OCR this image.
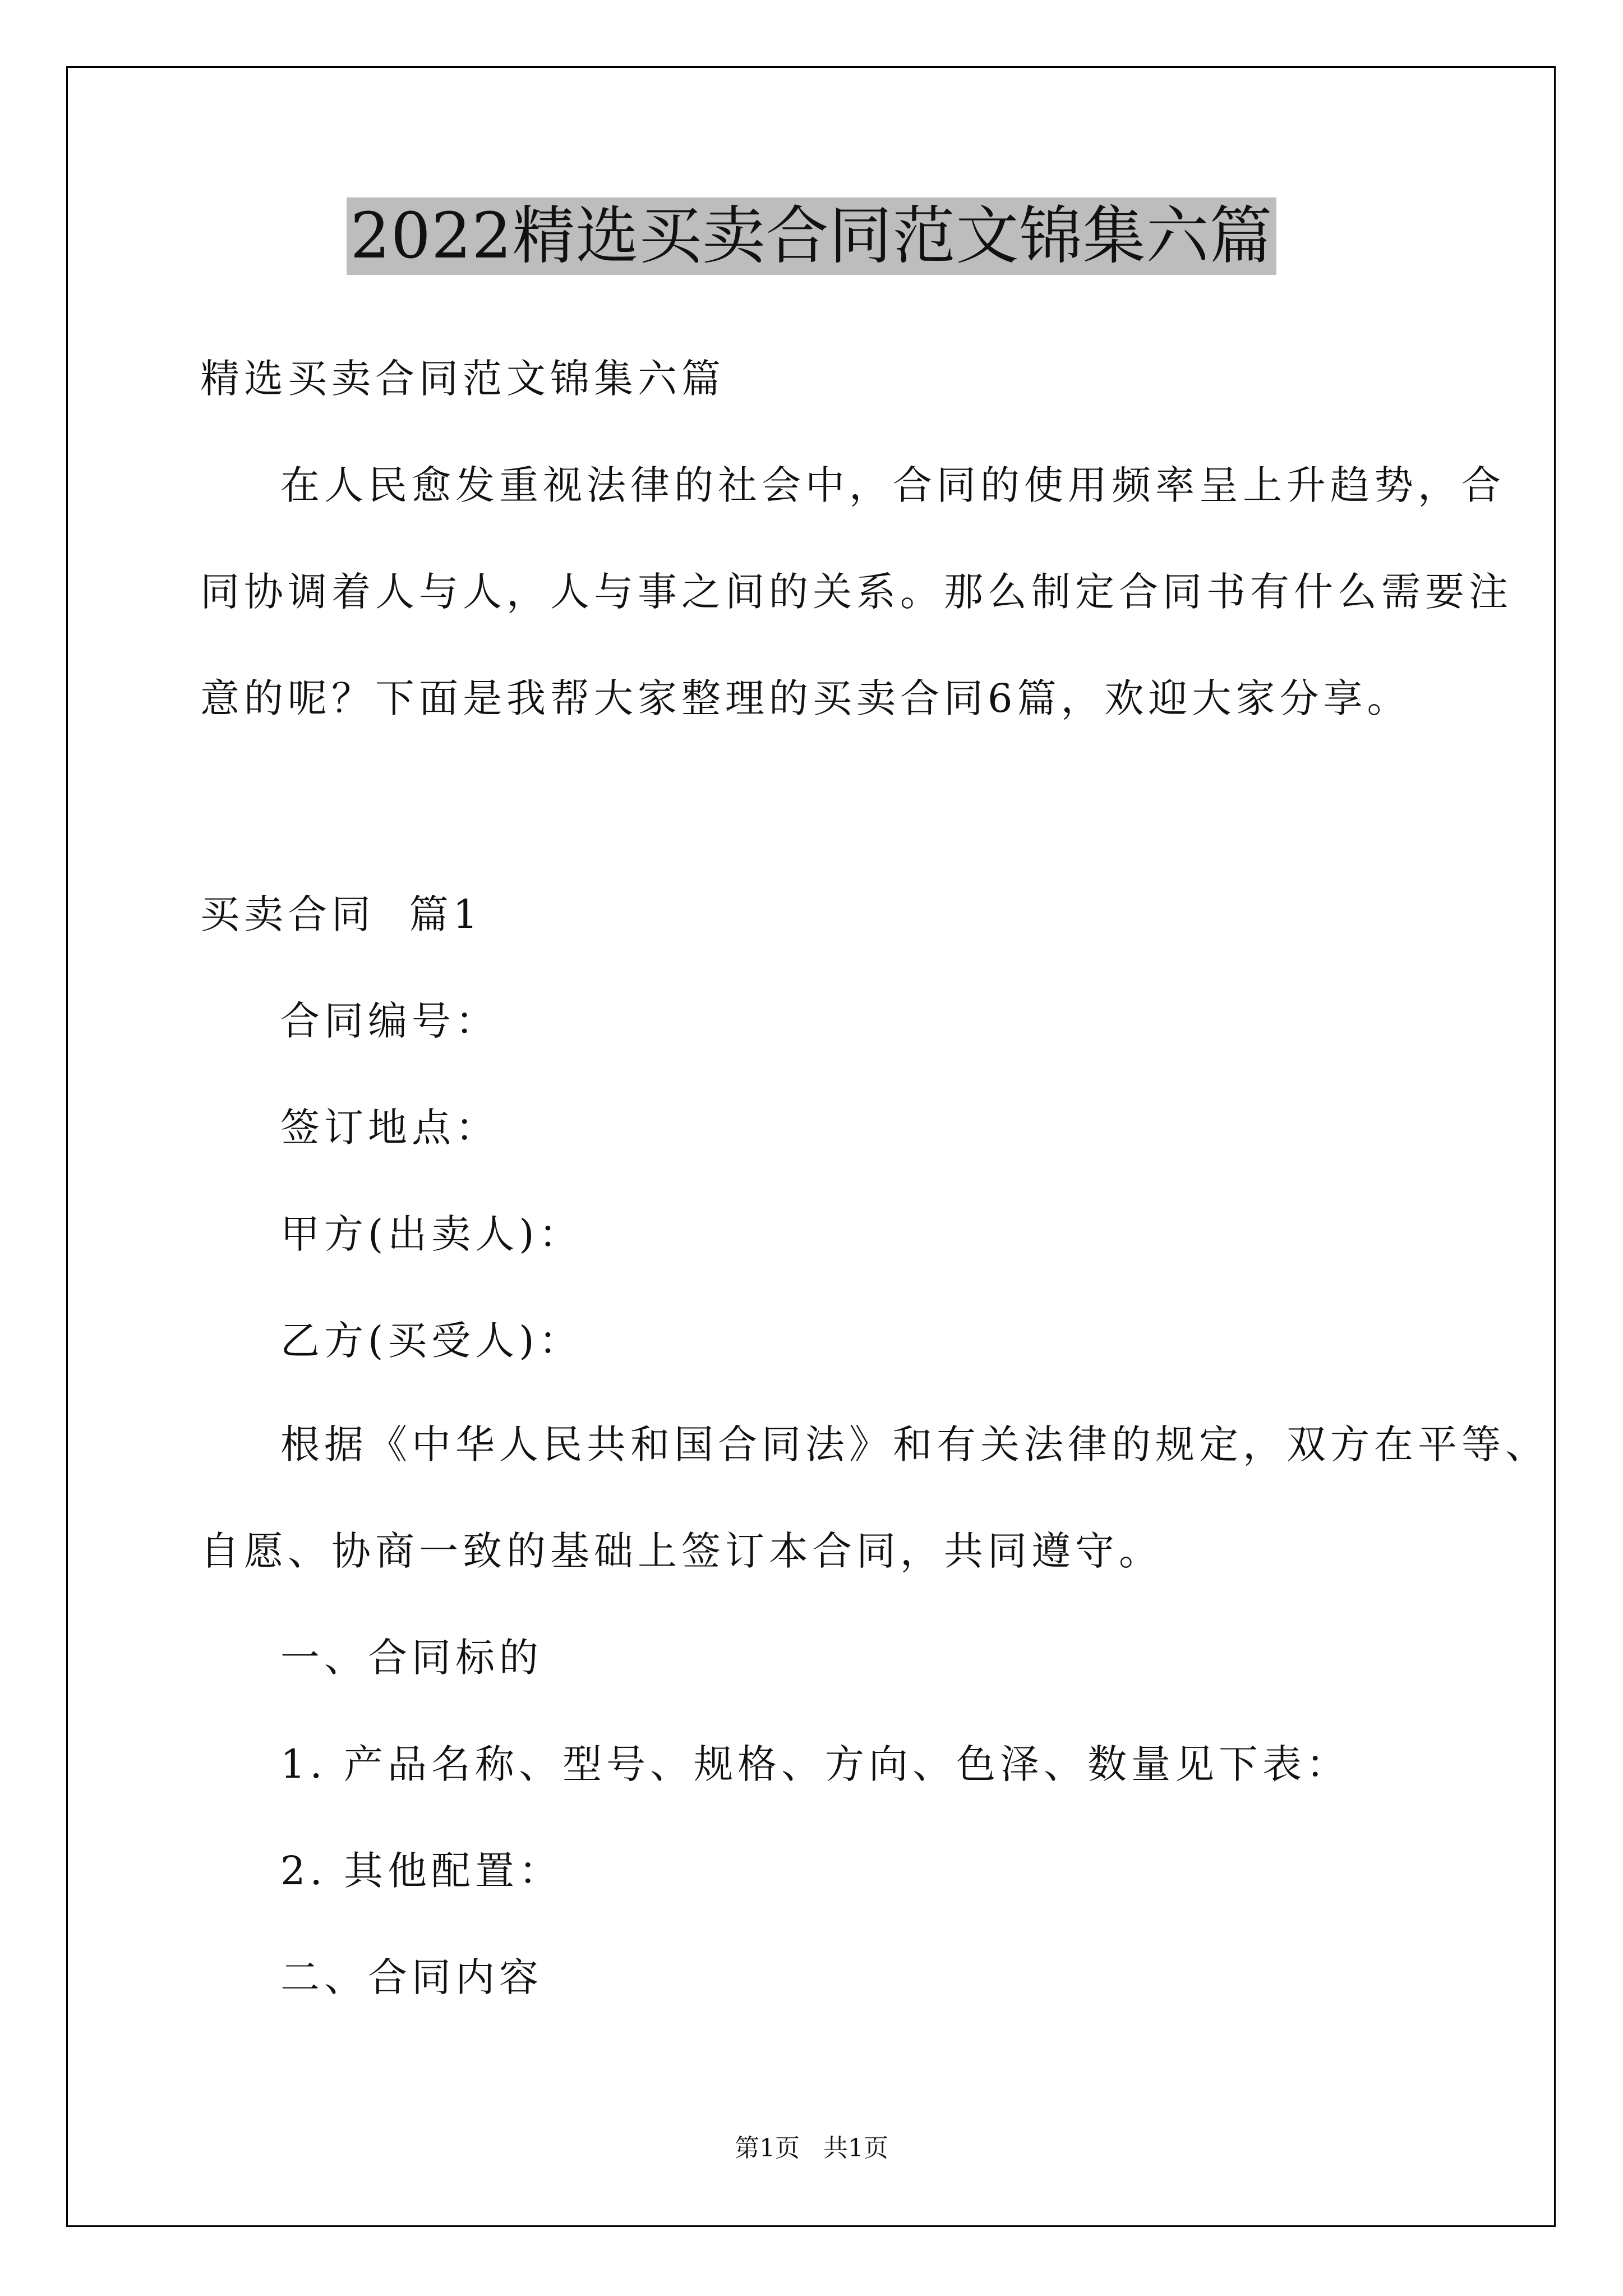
2022精选买卖合同范文锦集六篇
精选买卖合同范文锦集六篇
在人民愈发重视法律的社会中，合同的使用频率呈上升趋势，合
同协调着人与人，人与事之间的关系。那么制定合同书有什么需要注
意的呢？下面是我帮大家整理的买卖合同6篇，欢迎大家分享。
买卖合同  篇1
合同编号：
签订地点：
甲方(出卖人)：
乙方(买受人)：
根据《中华人民共和国合同法》和有关法律的规定，双方在平等、
自愿、协商一致的基础上签订本合同，共同遵守。
一、合同标的
1. 产品名称、型号、规格、方向、色泽、数量见下表：
2. 其他配置：
二、合同内容
第1页   共1页
